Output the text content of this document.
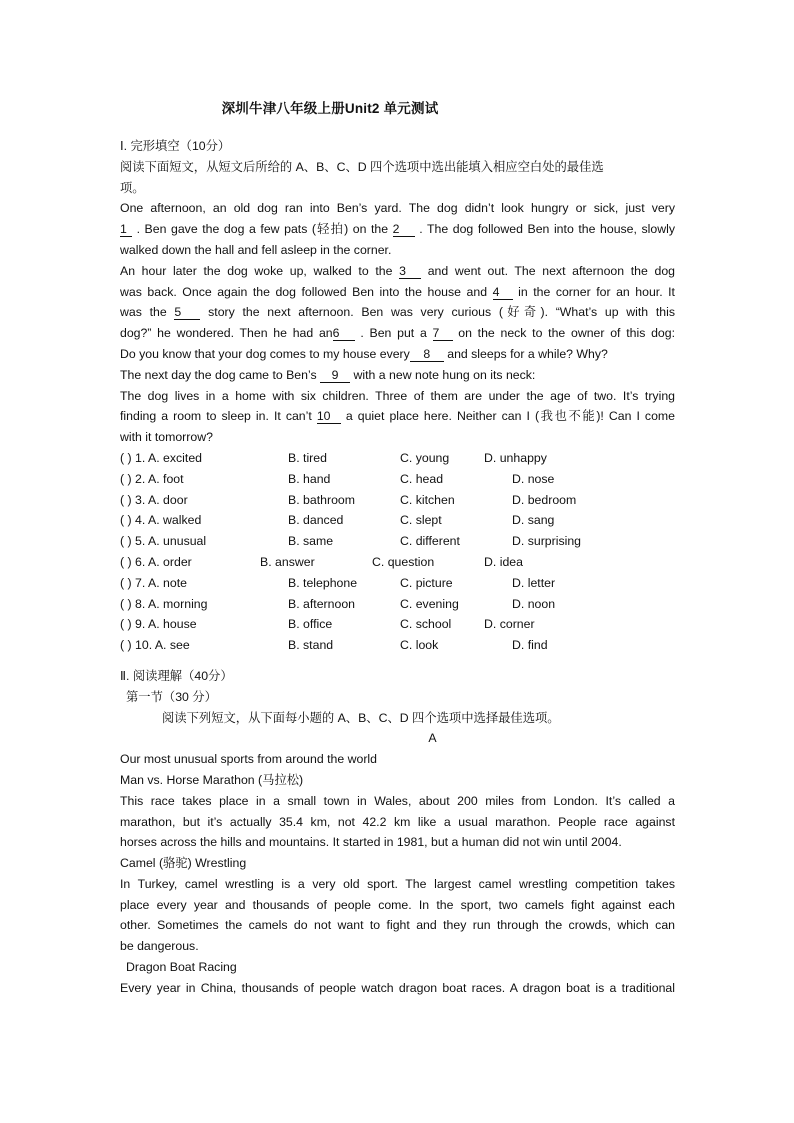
深圳牛津八年级上册Unit2 单元测试
Ⅰ. 完形填空（10分）
阅读下面短文，从短文后所给的 A、B、C、D 四个选项中选出能填入相应空白处的最佳选
项。
One afternoon, an old dog ran into Ben’s yard. The dog didn’t look hungry or sick, just very
1 . Ben gave the dog a few pats (轻拍) on the 2 . The dog followed Ben into the house, slowly
walked down the hall and fell asleep in the corner.
An hour later the dog woke up, walked to the 3 and went out. The next afternoon the dog
was back. Once again the dog followed Ben into the house and 4 in the corner for an hour. It
was the 5 story the next afternoon. Ben was very curious (好奇). “What’s up with this
dog?” he wondered. Then he had an6 . Ben put a 7 on the neck to the owner of this dog:
Do you know that your dog comes to my house every 8 and sleeps for a while? Why?
The next day the dog came to Ben’s 9 with a new note hung on its neck:
The dog lives in a home with six children. Three of them are under the age of two. It’s trying
finding a room to sleep in. It can’t 10 a quiet place here. Neither can I (我也不能)! Can I come
with it tomorrow?
( ) 1. A. excited	B. tired	C. young	D. unhappy
( ) 2. A. foot	B. hand	C. head	D. nose
( ) 3. A. door	B. bathroom	C. kitchen	D. bedroom
( ) 4. A. walked	B. danced	C. slept	D. sang
( ) 5. A. unusual	B. same	C. different	D. surprising
( ) 6. A. order	B. answer	C. question	D. idea
( ) 7. A. note	B. telephone	C. picture	D. letter
( ) 8. A. morning	B. afternoon	C. evening	D. noon
( ) 9. A. house	B. office	C. school	D. corner
( ) 10. A. see	B. stand	C. look	D. find
Ⅱ. 阅读理解（40分）
第一节（30 分）
阅读下列短文，从下面每小题的 A、B、C、D 四个选项中选择最佳选项。
A
Our most unusual sports from around the world
Man vs. Horse Marathon (马拉松)
This race takes place in a small town in Wales, about 200 miles from London. It’s called a
marathon, but it’s actually 35.4 km, not 42.2 km like a usual marathon. People race against
horses across the hills and mountains. It started in 1981, but a human did not win until 2004.
Camel (骆驼) Wrestling
In Turkey, camel wrestling is a very old sport. The largest camel wrestling competition takes
place every year and thousands of people come. In the sport, two camels fight against each
other. Sometimes the camels do not want to fight and they run through the crowds, which can
be dangerous.
Dragon Boat Racing
Every year in China, thousands of people watch dragon boat races. A dragon boat is a traditional
